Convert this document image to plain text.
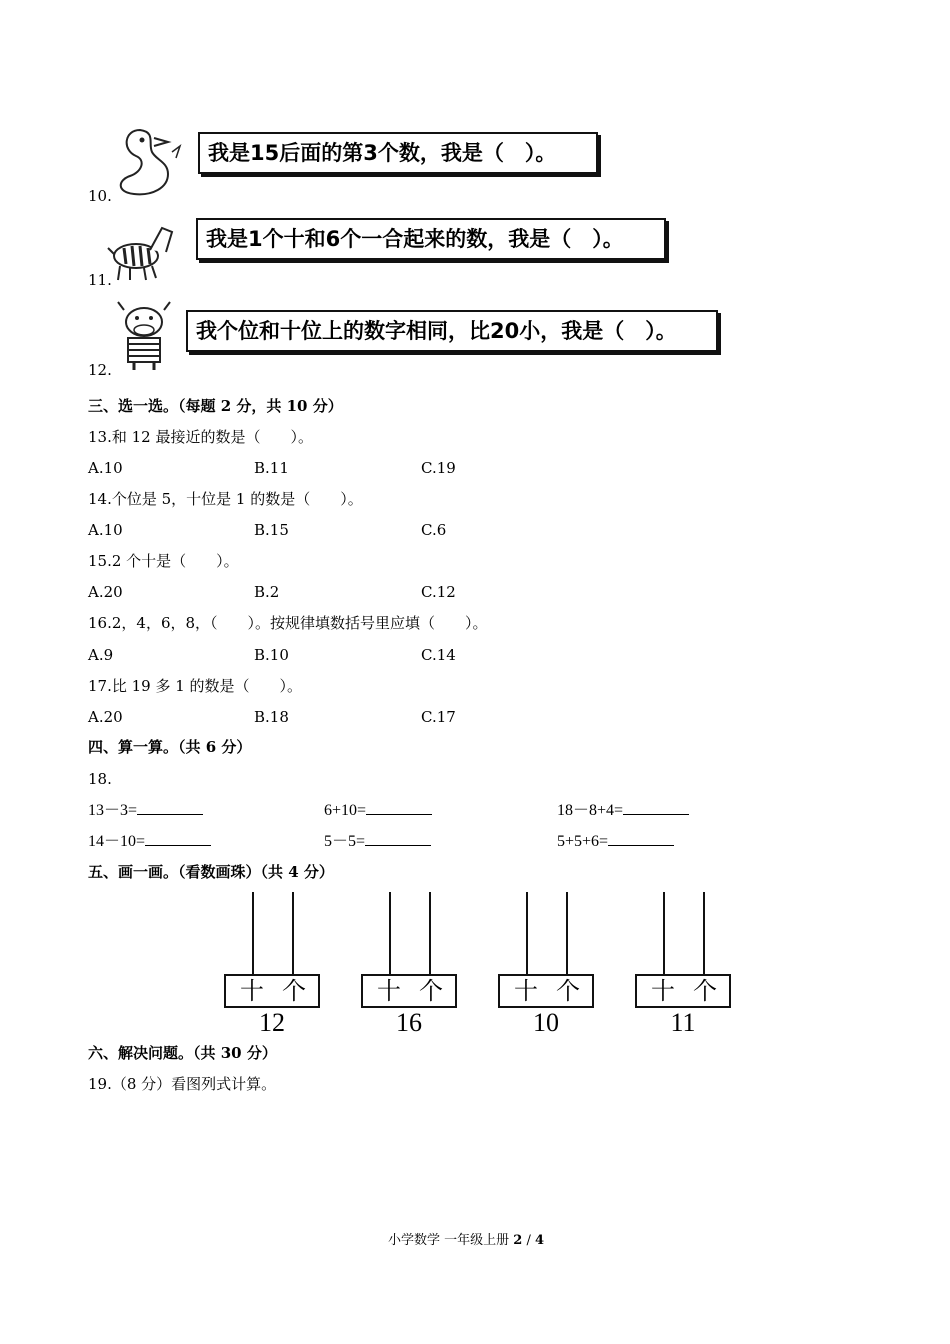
10.
我是15后面的第3个数，我是（　）。
11.
我是1个十和6个一合起来的数，我是（　）。
12.
我个位和十位上的数字相同，比20小，我是（　）。
三、选一选。（每题 2 分，共 10 分）
13.和 12 最接近的数是（　　）。
A.10	B.11	C.19
14.个位是 5，十位是 1 的数是（　　）。
A.10	B.15	C.6
15.2 个十是（　　）。
A.20	B.2	C.12
16.2，4，6，8，（　　）。按规律填数括号里应填（　　）。
A.9	B.10	C.14
17.比 19 多 1 的数是（　　）。
A.20	B.18	C.17
四、算一算。（共 6 分）
18.
13－3=	6+10=	18－8+4=
14－10=	5－5=	5+5+6=
五、画一画。（看数画珠）（共 4 分）
十 个
12
十 个
16
十 个
10
十 个
11
六、解决问题。（共 30 分）
19.（8 分）看图列式计算。
小学数学 一年级上册 2 / 4
